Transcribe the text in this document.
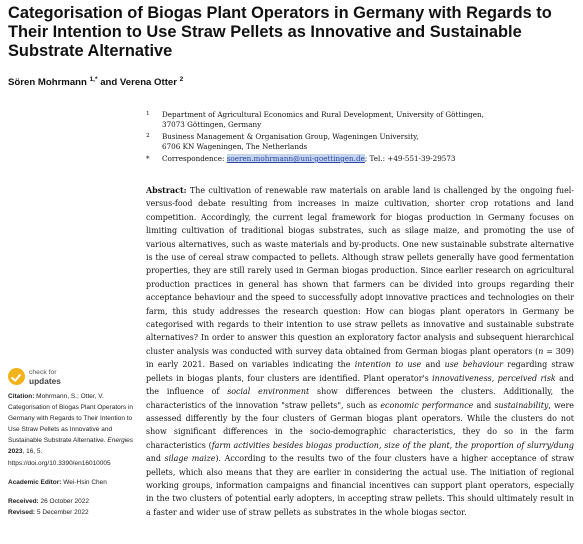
Categorisation of Biogas Plant Operators in Germany with Regards to Their Intention to Use Straw Pellets as Innovative and Sustainable Substrate Alternative

Sören Mohrmann $^{1,*}$ and Verena Otter $^2$

1 Department of Agricultural Economics and Rural Development, University of Göttingen,
37073 Göttingen, Germany
2 Business Management & Organisation Group, Wageningen University,
6706 KN Wageningen, The Netherlands
* Correspondence: soeren.mohrmann@uni-goettingen.de; Tel.: +49-551-39-29573

Abstract: The cultivation of renewable raw materials on arable land is challenged by the ongoing fuel-versus-food debate resulting from increases in maize cultivation, shorter crop rotations and land competition. Accordingly, the current legal framework for biogas production in Germany focuses on limiting cultivation of traditional biogas substrates, such as silage maize, and promoting the use of various alternatives, such as waste materials and by-products. One new sustainable substrate alternative is the use of cereal straw compacted to pellets. Although straw pellets generally have good fermentation properties, they are still rarely used in German biogas production. Since earlier research on agricultural production practices in general has shown that farmers can be divided into groups regarding their acceptance behaviour and the speed to successfully adopt innovative practices and technologies on their farm, this study addresses the research question: How can biogas plant operators in Germany be categorised with regards to their intention to use straw pellets as innovative and sustainable substrate alternatives? In order to answer this question an exploratory factor analysis and subsequent hierarchical cluster analysis was conducted with survey data obtained from German biogas plant operators (n = 309) in early 2021. Based on variables indicating the intention to use and use behaviour regarding straw pellets in biogas plants, four clusters are identified. Plant operator's innovativeness, perceived risk and the influence of social environment show differences between the clusters. Additionally, the characteristics of the innovation "straw pellets", such as economic performance and sustainability, were assessed differently by the four clusters of German biogas plant operators. While the clusters do not show significant differences in the socio-demographic characteristics, they do so in the farm characteristics (farm activities besides biogas production, size of the plant, the proportion of slurry/dung and silage maize). According to the results two of the four clusters have a higher acceptance of straw pellets, which also means that they are earlier in considering the actual use. The initiation of regional working groups, information campaigns and financial incentives can support plant operators, especially in the two clusters of potential early adopters, in accepting straw pellets. This should ultimately result in a faster and wider use of straw pellets as substrates in the whole biogas sector.

check for
updates
Citation: Mohrmann, S.; Otter, V. Categorisation of Biogas Plant Operators in Germany with Regards to Their Intention to Use Straw Pellets as Innovative and Sustainable Substrate Alternative. Energies 2023, 16, 5. https://doi.org/10.3390/en16010005
Academic Editor: Wei-Hsin Chen
Received: 26 October 2022
Revised: 5 December 2022
